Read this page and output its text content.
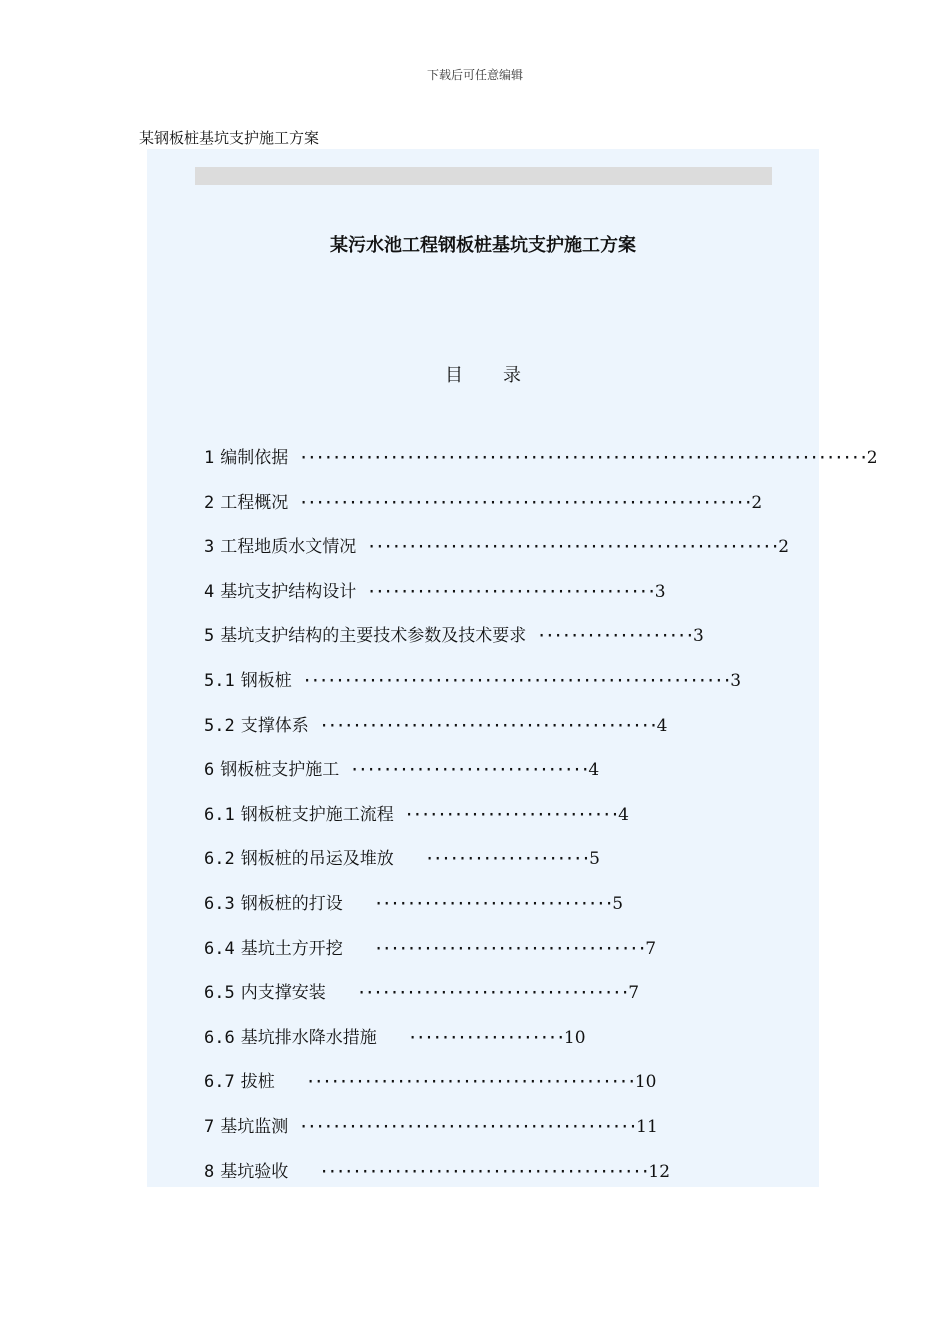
下载后可任意编辑
某钢板桩基坑支护施工方案
某污水池工程钢板桩基坑支护施工方案
目录
1 编制依据 ·····································································2
2 工程概况 ·······················································2
3 工程地质水文情况 ··················································2
4 基坑支护结构设计 ···································3
5 基坑支护结构的主要技术参数及技术要求 ···················3
5.1 钢板桩 ····················································3
5.2 支撑体系 ·········································4
6 钢板桩支护施工 ·····························4
6.1 钢板桩支护施工流程 ··························4
6.2 钢板桩的吊运及堆放 ····················5
6.3 钢板桩的打设 ·····························5
6.4 基坑土方开挖 ·································7
6.5 内支撑安装 ·································7
6.6 基坑排水降水措施 ···················10
6.7 拔桩 ········································10
7 基坑监测 ·········································11
8 基坑验收 ········································12
